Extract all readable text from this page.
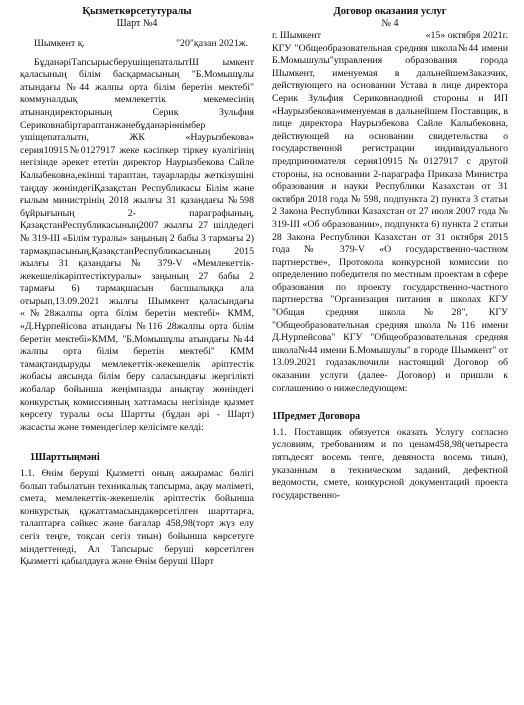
Қызметкөрсетутуралы

Шарт №4

Шымкент қ.	"20"қазан 2021ж.

БұданәріТапсырысберушіщепаталытШ ымкент қаласының білім басқармасының "Б.Момышұлы атындағы №44 жалпы орта білім беретін мектебі" коммуналдық мемлекеттік мекемесінің атынандиректорының Серик Зульфия Сериковнабіртараптанжәнебұданәріөнімбер ушіщепаталытн, ЖК «Наурызбекова» серия10915№0127917 жеке кәсіпкер тіркеу куәлігінің негізінде әрекет ететін директор Наурызбекова Сайле Калыбековна,екінші тараптан, тауарларды жеткізушіні таңдау жөніндегіҚазақстан Республикасы Білім және ғылым министрінің 2018 жылғы 31 қазандағы №598 бұйрығының 2- параграфының, ҚазақстанРеспубликасының2007 жылғы 27 шілдедегі № 319-III «Білім туралы» заңының 2 бабы 3 тармағы 2) тармақшасының,ҚазақстанРеспубликасының 2015 жылғы 31 қазандағы № 379-V «Мемлекеттік-жекешелікәріптестіктуралы» заңының 27 бабы 2 тармағы 6) тармақшасын басшылыққа ала отырып,13.09.2021 жылғы Шымкент қаласындағы «№28жалпы орта білім беретін мектебі» КММ, «Д.Нұрпейісова атындағы №116 28жалпы орта білім беретін мектебі»КММ, "Б.Момышұлы атындағы №44 жалпы орта білім беретін мектебі" КММ тамақтандыруды мемлекеттік-жекешелік әріптестік жобасы аясында білім беру саласындағы жергілікті жобалар бойынша жеңімпазды анықтау жөніндегі конкурстық комиссияның хаттамасы негізінде қызмет көрсету туралы осы Шартты (бұдан әрі - Шарт) жасасты және төмендегілер келісімге келді:

1Шарттыңмәні

1.1. Өнім беруші Қызметті оның ажырамас бөлігі болып табылатын техникалық тапсырма, ақау мәліметі, смета, мемлекеттік-жекешелік әріптестік бойынша конкурстық құжаттамасындакөрсетілген шарттарға, талаптарға сәйкес және бағалар 458,98(торт жүз елу сегіз теңге, тоқсан сегіз тиын) бойынша көрсетуге міндеттенеді, Ал Тапсырыс беруші көрсетілген Қызметті қабылдауға және Өнім беруші Шарт

Договор оказания услуг

№ 4

г. Шымкент	«15» октября 2021г.

КГУ "Общеобразовательная средняя школа№44 имени Б.Момышулы"управления образования города Шымкент, именуемая в дальнейшемЗаказчик, действующего на основании Устава в лице директора Серик Зульфия Сериковнаодной стороны и ИП «Наурызбекова»именуемая в дальнейшем Поставщик, в лице директора Наурызбекова Сайле Калыбековна, действующей на основании свидетельства о государственной регистрации индивидуального предпринимателя серия10915№0127917 с другой стороны, на основании 2-параграфа Приказа Министра образования и науки Республики Казахстан от 31 октября 2018 года № 598, подпункта 2) пункта 3 статьи 2 Закона Республики Казахстан от 27 июля 2007 года № 319-III «Об образовании», подпункта 6) пункта 2 статьи 28 Закона Республики Казахстан от 31 октября 2015 года № 379-V «О государственно-частном партнерстве», Протокола конкурсной комиссии по определению победителя по местным проектам в сфере образования по проекту государственно-частного партнерства "Организация питания в школах КГУ "Общая средняя школа№28", КГУ "Общеобразовательная средняя школа №116 имени Д.Нурпейсова" КГУ "Общеобразовательная средняя школа№44 имени Б.Момышулы" в городе Шымкент" от 13.09.2021 годазаключили настоящий Договор об оказании услуги (далее- Договор) и пришли к соглашению о нижеследующем:

1Предмет Договора

1.1. Поставщик обязуется оказать Услугу согласно условиям, требованиям и по ценам458,98(четыреста пятьдесят восемь тенге, девяноста восемь тиын), указанным в техническом заданий, дефектной ведомости, смете, конкурсной документаций проекта государственно-
